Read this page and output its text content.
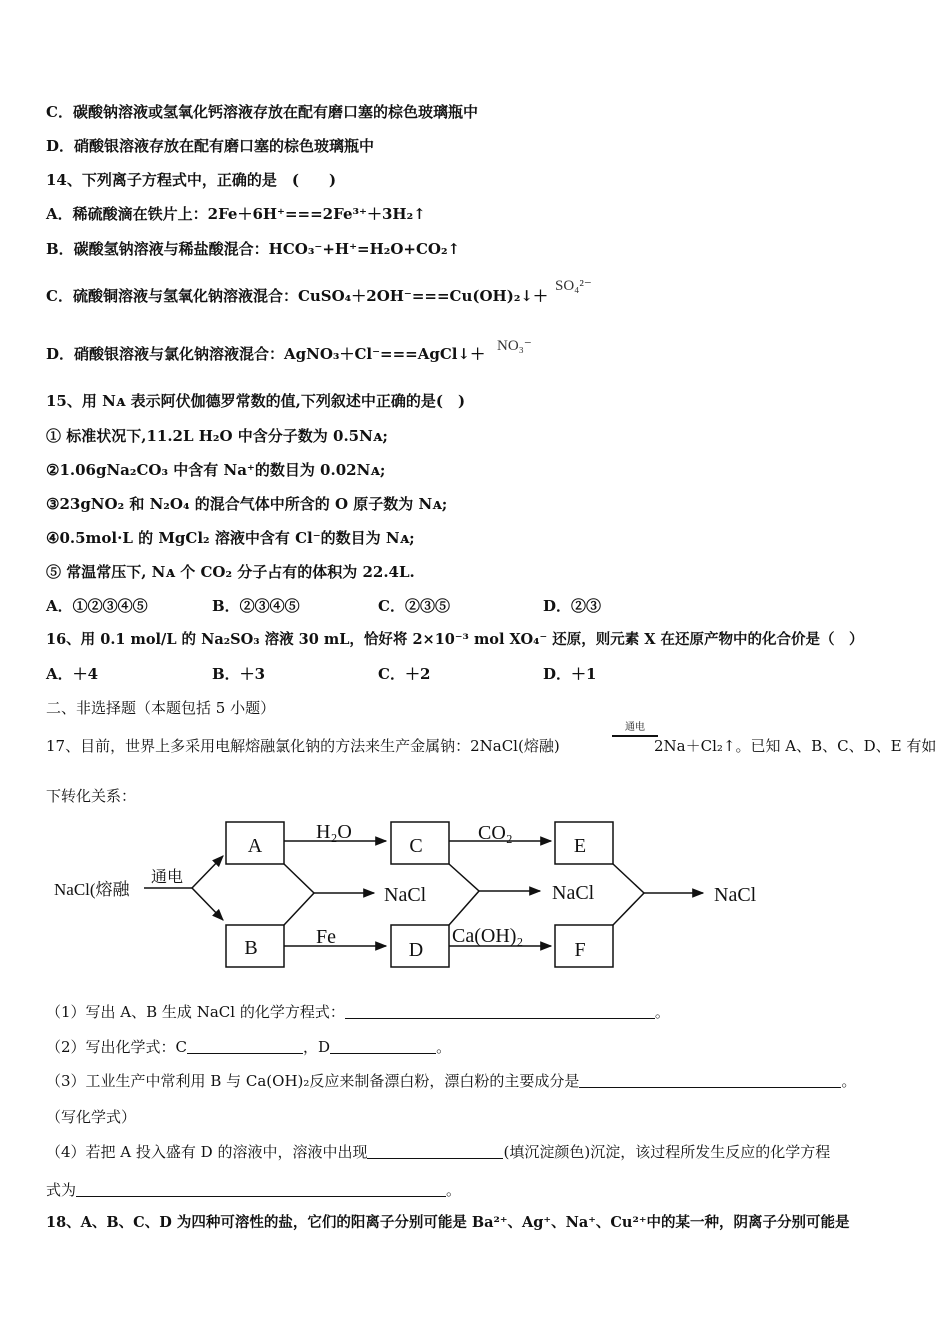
C．碳酸钠溶液或氢氧化钙溶液存放在配有磨口塞的棕色玻璃瓶中
D．硝酸银溶液存放在配有磨口塞的棕色玻璃瓶中
14、下列离子方程式中，正确的是　(　　)
A．稀硫酸滴在铁片上：2Fe＋6H⁺===2Fe³⁺＋3H₂↑
B．碳酸氢钠溶液与稀盐酸混合：HCO₃⁻+H⁺=H₂O+CO₂↑
C．硫酸铜溶液与氢氧化钠溶液混合：CuSO₄＋2OH⁻===Cu(OH)₂↓＋
SO₄²⁻
D．硝酸银溶液与氯化钠溶液混合：AgNO₃＋Cl⁻===AgCl↓＋ NO₃⁻
15、用 Nᴀ 表示阿伏伽德罗常数的值,下列叙述中正确的是(　)
① 标准状况下,11.2L H₂O 中含分子数为 0.5Nᴀ;
②1.06gNa₂CO₃ 中含有 Na⁺的数目为 0.02Nᴀ;
③23gNO₂ 和 N₂O₄ 的混合气体中所含的 O 原子数为 Nᴀ;
④0.5mol·L 的 MgCl₂ 溶液中含有 Cl⁻的数目为 Nᴀ;
⑤ 常温常压下, Nᴀ 个 CO₂ 分子占有的体积为 22.4L.
A．①②③④⑤	B．②③④⑤	C．②③⑤	D．②③
16、用 0.1 mol/L 的 Na₂SO₃ 溶液 30 mL，恰好将 2×10⁻³ mol XO₄⁻ 还原，则元素 X 在还原产物中的化合价是（　）
A．＋4	B．＋3	C．＋2	D．＋1
二、非选择题（本题包括 5 小题）
17、目前，世界上多采用电解熔融氯化钠的方法来生产金属钠：2NaCl(熔融)
通电
2Na＋Cl₂↑。已知 A、B、C、D、E 有如
下转化关系：
NaCl(熔融
通电
A
B
H₂O
Fe
NaCl
C
D
CO₂
Ca(OH)₂
NaCl
E
F
NaCl
（1）写出 A、B 生成 NaCl 的化学方程式：	。
（2）写出化学式：C	，D	。
（3）工业生产中常利用 B 与 Ca(OH)₂反应来制备漂白粉，漂白粉的主要成分是	。
（写化学式）
（4）若把 A 投入盛有 D 的溶液中，溶液中出现	(填沉淀颜色)沉淀，该过程所发生反应的化学方程
式为	。
18、A、B、C、D 为四种可溶性的盐，它们的阳离子分别可能是 Ba²⁺、Ag⁺、Na⁺、Cu²⁺中的某一种，阴离子分别可能是
